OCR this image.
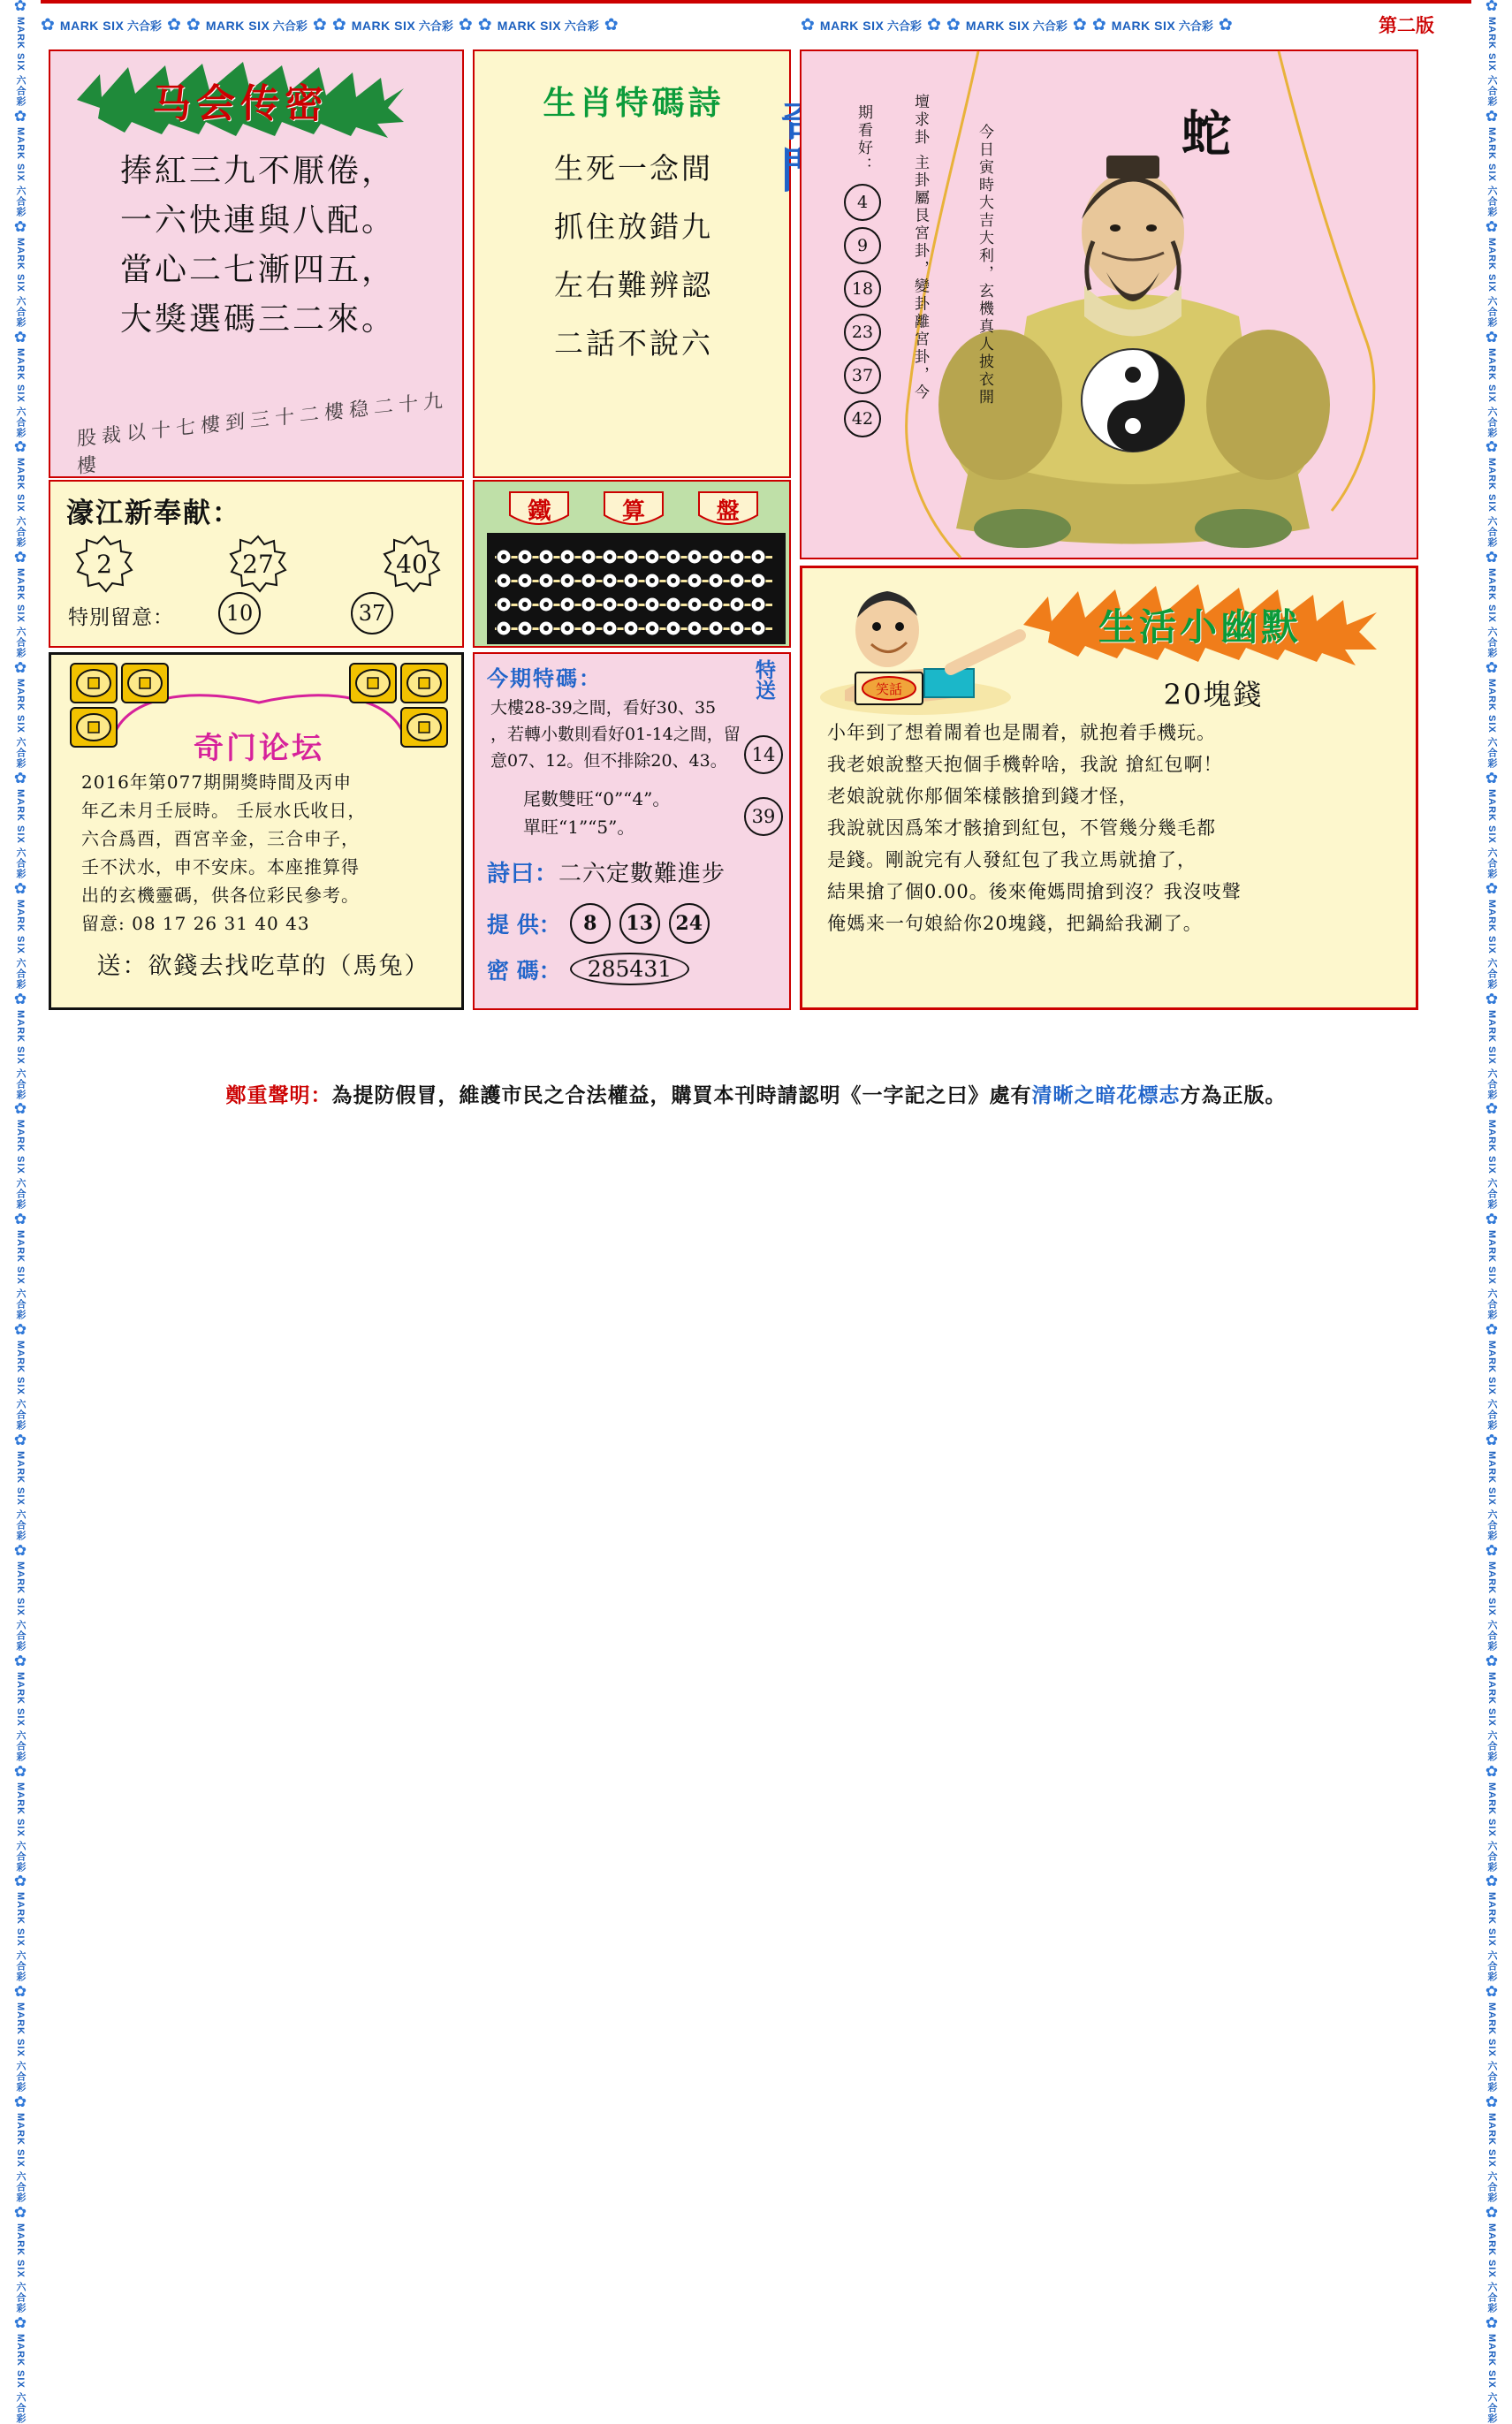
✿
MARK SIX 六合彩
✿
MARK SIX 六合彩
✿
MARK SIX 六合彩
✿
MARK SIX 六合彩
✿
MARK SIX 六合彩
✿
MARK SIX 六合彩
✿
MARK SIX 六合彩
✿
MARK SIX 六合彩
✿
MARK SIX 六合彩
✿
MARK SIX 六合彩
✿
MARK SIX 六合彩
✿
MARK SIX 六合彩
✿
MARK SIX 六合彩
✿
MARK SIX 六合彩
✿
MARK SIX 六合彩
✿
MARK SIX 六合彩
✿
MARK SIX 六合彩
✿
MARK SIX 六合彩
✿
MARK SIX 六合彩
✿
MARK SIX 六合彩
✿
MARK SIX 六合彩
✿
MARK SIX 六合彩
✿
MARK SIX 六合彩
✿
MARK SIX 六合彩
✿
MARK SIX 六合彩
✿
MARK SIX 六合彩
✿
MARK SIX 六合彩
✿
MARK SIX 六合彩
✿
MARK SIX 六合彩
✿
MARK SIX 六合彩
✿
MARK SIX 六合彩
✿
MARK SIX 六合彩
✿
MARK SIX 六合彩
✿
MARK SIX 六合彩
✿
MARK SIX 六合彩
✿
MARK SIX 六合彩
✿
MARK SIX 六合彩
✿
MARK SIX 六合彩
✿
MARK SIX 六合彩
✿
MARK SIX 六合彩
✿
MARK SIX 六合彩
✿
MARK SIX 六合彩
✿
MARK SIX 六合彩
✿
MARK SIX 六合彩
✿ MARK SIX 六合彩 ✿ ✿ MARK SIX 六合彩 ✿ ✿ MARK SIX 六合彩 ✿ ✿ MARK SIX 六合彩 ✿	✿ MARK SIX 六合彩 ✿ ✿ MARK SIX 六合彩 ✿ ✿ MARK SIX 六合彩 ✿	第二版
马会传密
捧紅三九不厭倦，
一六快連與八配。
當心二七漸四五，
大獎選碼三二來。
股裁以十七樓到三十二樓稳二十九樓
濠江新奉献：
2	27	40
特別留意：	10	37
奇门论坛
2016年第077期開獎時間及丙申
年乙未月壬辰時。 壬辰水氏收日，
六合爲酉，酉宮辛金，三合申子，
壬不汱水，申不安床。本座推算得
出的玄機靈碼，供各位彩民參考。
留意: 08 17 26 31 40 43
送：欲錢去找吃草的（馬兔）
生肖特碼詩
生死一念間
抓住放錯九
左右難辨認
二話不說六
鐵	算	盤
今期特碼：	特送
大樓28-39之間，看好30、35
，若轉小數則看好01-14之間，留
意07、12。但不排除20、43。
尾數雙旺“0”“4”。
單旺“1”“5”。
14 39
詩曰：二六定數難進步
提 供：	8	13	24
密 碼：	285431
蛇
期看好：
4
9
18
23
37
42
壇求卦 主卦屬艮宮卦，變卦離宮卦，今	今日寅時大吉大利，玄機真人披衣開
笑話
生活小幽默
20塊錢
小年到了想着閙着也是閙着，就抱着手機玩。
我老娘說整天抱個手機幹啥，我說 搶紅包啊！
老娘說就你郍個笨樣骸搶到錢才怪，
我說就因爲笨才骸搶到紅包，不管幾分幾毛都
是錢。剛說完有人發紅包了我立馬就搶了，
結果搶了個0.00。後來俺媽問搶到沒？我沒吱聲
俺媽来一句娘給你20塊錢，把鍋給我涮了。
鄭重聲明： 為提防假冒，維護市民之合法權益，購買本刊時請認明 《一字記之曰》 處有 清晰之暗花標志 方為正版。
